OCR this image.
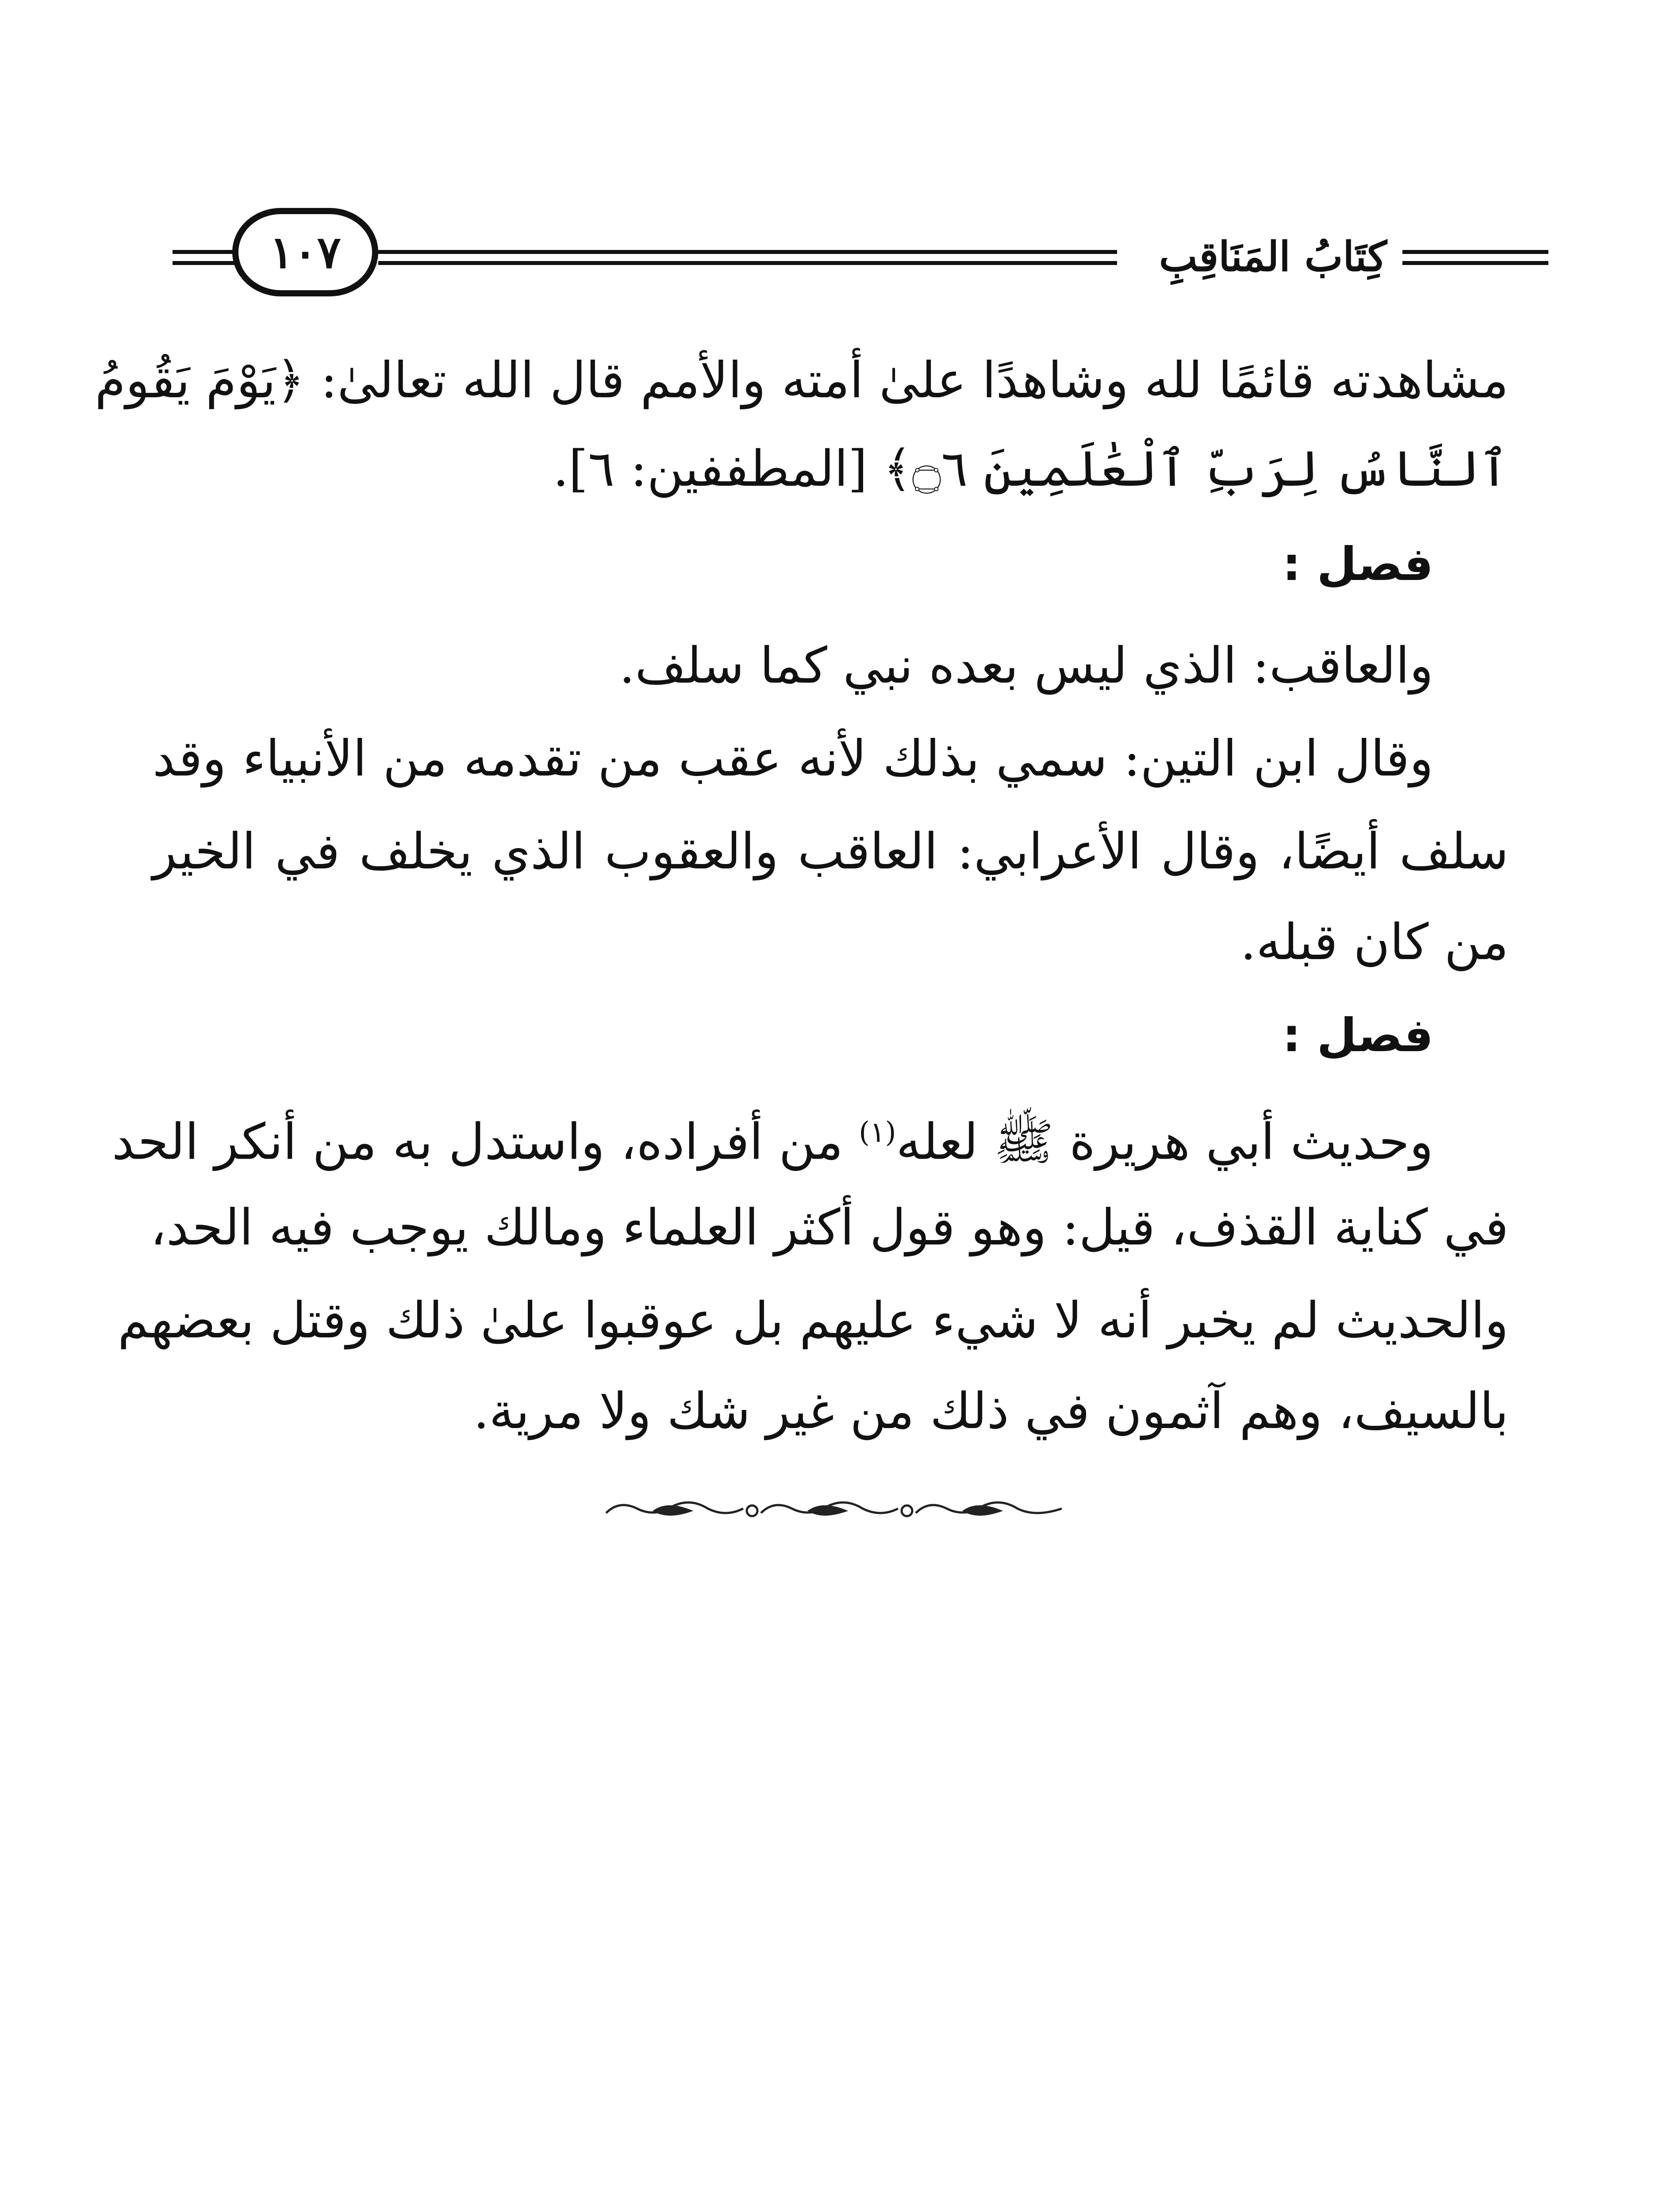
كِتَابُ المَنَاقِبِ
١٠٧
مشاهدته قائمًا لله وشاهدًا علىٰ أمته والأمم قال الله تعالىٰ: ﴿يَوْمَ يَقُومُ
ٱلنَّاسُ لِرَبِّ ٱلْعَٰلَمِينَ ۝٦﴾ [المطففين: ٦].
فصل :
والعاقب: الذي ليس بعده نبي كما سلف.
وقال ابن التين: سمي بذلك لأنه عقب من تقدمه من الأنبياء وقد
سلف أيضًا، وقال الأعرابي: العاقب والعقوب الذي يخلف في الخير
من كان قبله.
فصل :
وحديث أبي هريرة ﷺ لعله$^{(١)}$ من أفراده، واستدل به من أنكر الحد
في كناية القذف، قيل: وهو قول أكثر العلماء ومالك يوجب فيه الحد،
والحديث لم يخبر أنه لا شيء عليهم بل عوقبوا علىٰ ذلك وقتل بعضهم
بالسيف، وهم آثمون في ذلك من غير شك ولا مرية.
